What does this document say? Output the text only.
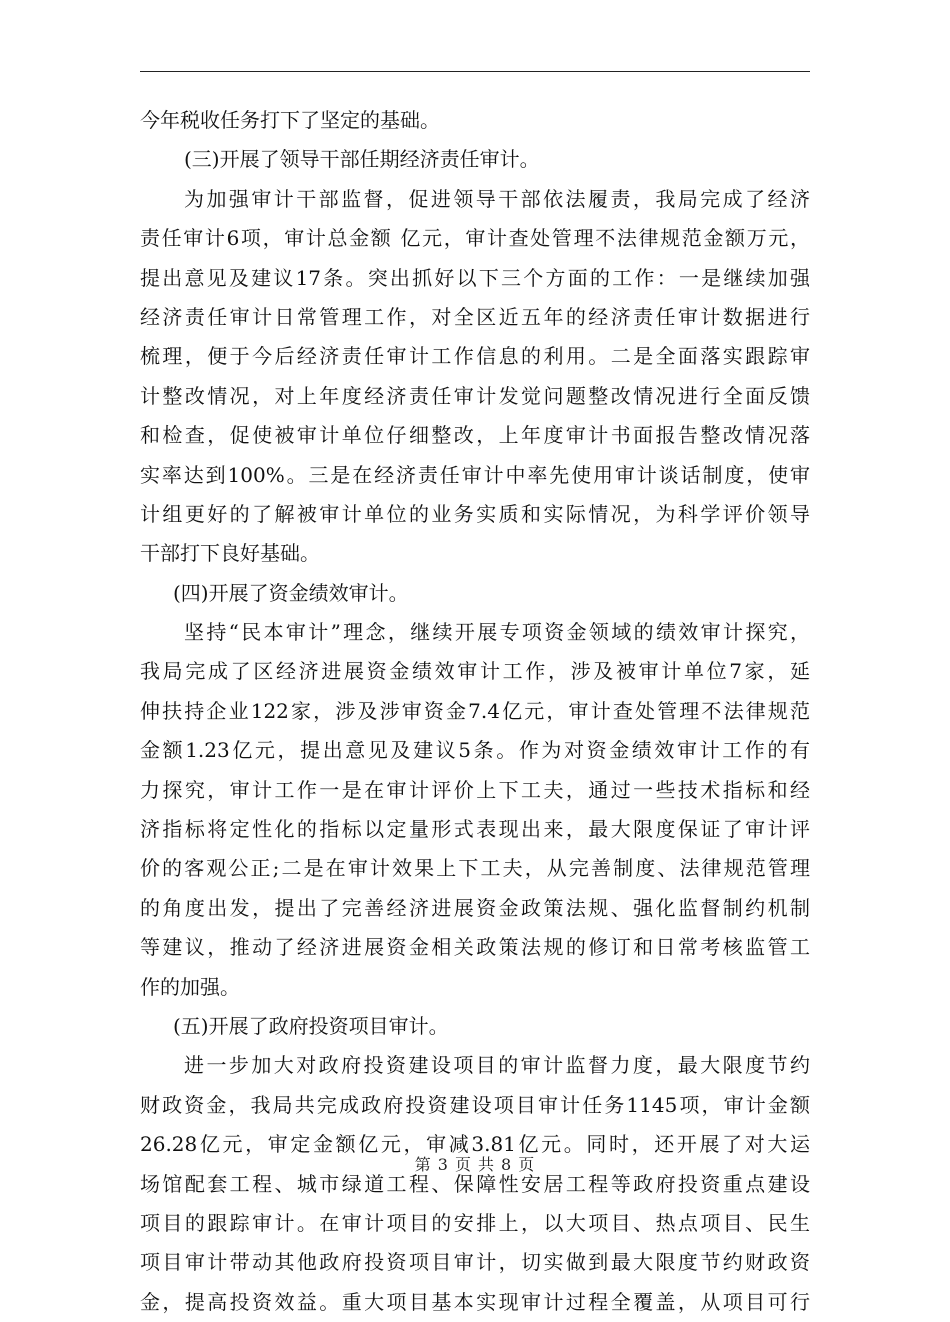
今年税收任务打下了坚定的基础。
(三)开展了领导干部任期经济责任审计。
为加强审计干部监督，促进领导干部依法履责，我局完成了经济
责任审计6项，审计总金额 亿元，审计查处管理不法律规范金额万元，
提出意见及建议17条。突出抓好以下三个方面的工作：一是继续加强
经济责任审计日常管理工作，对全区近五年的经济责任审计数据进行
梳理，便于今后经济责任审计工作信息的利用。二是全面落实跟踪审
计整改情况，对上年度经济责任审计发觉问题整改情况进行全面反馈
和检查，促使被审计单位仔细整改，上年度审计书面报告整改情况落
实率达到100%。三是在经济责任审计中率先使用审计谈话制度，使审
计组更好的了解被审计单位的业务实质和实际情况，为科学评价领导
干部打下良好基础。
(四)开展了资金绩效审计。
坚持“民本审计”理念，继续开展专项资金领域的绩效审计探究，
我局完成了区经济进展资金绩效审计工作，涉及被审计单位7家，延
伸扶持企业122家，涉及涉审资金7.4亿元，审计查处管理不法律规范
金额1.23亿元，提出意见及建议5条。作为对资金绩效审计工作的有
力探究，审计工作一是在审计评价上下工夫，通过一些技术指标和经
济指标将定性化的指标以定量形式表现出来，最大限度保证了审计评
价的客观公正;二是在审计效果上下工夫，从完善制度、法律规范管理
的角度出发，提出了完善经济进展资金政策法规、强化监督制约机制
等建议，推动了经济进展资金相关政策法规的修订和日常考核监管工
作的加强。
(五)开展了政府投资项目审计。
进一步加大对政府投资建设项目的审计监督力度，最大限度节约
财政资金，我局共完成政府投资建设项目审计任务1145项，审计金额
26.28亿元，审定金额亿元，审减3.81亿元。同时，还开展了对大运
场馆配套工程、城市绿道工程、保障性安居工程等政府投资重点建设
项目的跟踪审计。在审计项目的安排上，以大项目、热点项目、民生
项目审计带动其他政府投资项目审计，切实做到最大限度节约财政资
金，提高投资效益。重大项目基本实现审计过程全覆盖，从项目可行
第 3 页 共 8 页
